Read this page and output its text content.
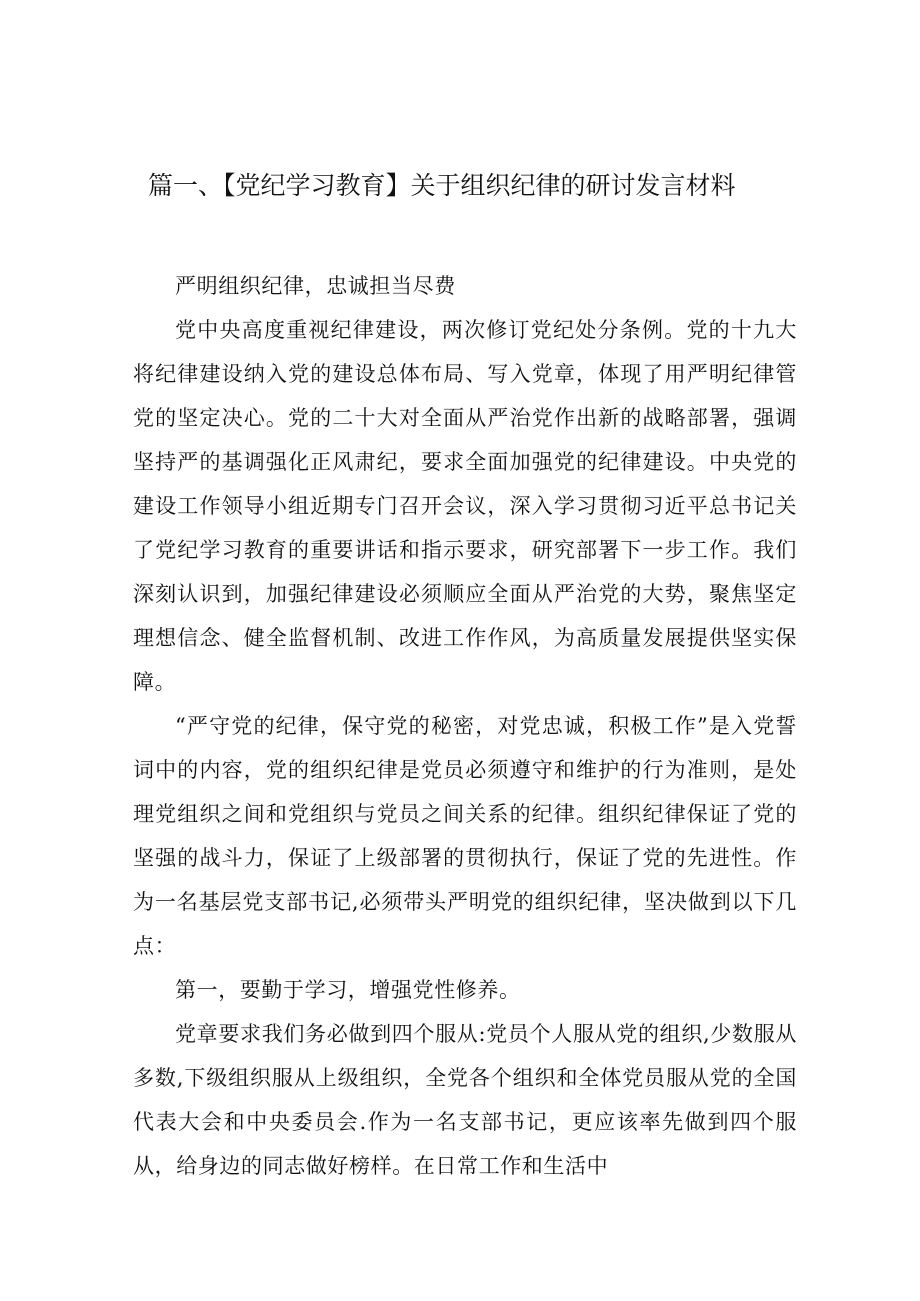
篇一、【党纪学习教育】关于组织纪律的研讨发言材料

严明组织纪律，忠诚担当尽费

党中央高度重视纪律建设，两次修订党纪处分条例。党的十九大将纪律建设纳入党的建设总体布局、写入党章，体现了用严明纪律管党的坚定决心。党的二十大对全面从严治党作出新的战略部署，强调坚持严的基调强化正风肃纪，要求全面加强党的纪律建设。中央党的建设工作领导小组近期专门召开会议，深入学习贯彻习近平总书记关了党纪学习教育的重要讲话和指示要求，研究部署下一步工作。我们深刻认识到，加强纪律建设必须顺应全面从严治党的大势，聚焦坚定理想信念、健全监督机制、改进工作作风，为高质量发展提供坚实保障。

“严守党的纪律，保守党的秘密，对党忠诚，积极工作”是入党誓词中的内容，党的组织纪律是党员必须遵守和维护的行为准则，是处理党组织之间和党组织与党员之间关系的纪律。组织纪律保证了党的坚强的战斗力，保证了上级部署的贯彻执行，保证了党的先进性。作为一名基层党支部书记,必须带头严明党的组织纪律，坚决做到以下几点：

第一，要勤于学习，增强党性修养。

党章要求我们务必做到四个服从:党员个人服从党的组织,少数服从多数,下级组织服从上级组织，全党各个组织和全体党员服从党的全国代表大会和中央委员会.作为一名支部书记，更应该率先做到四个服从，给身边的同志做好榜样。在日常工作和生活中
